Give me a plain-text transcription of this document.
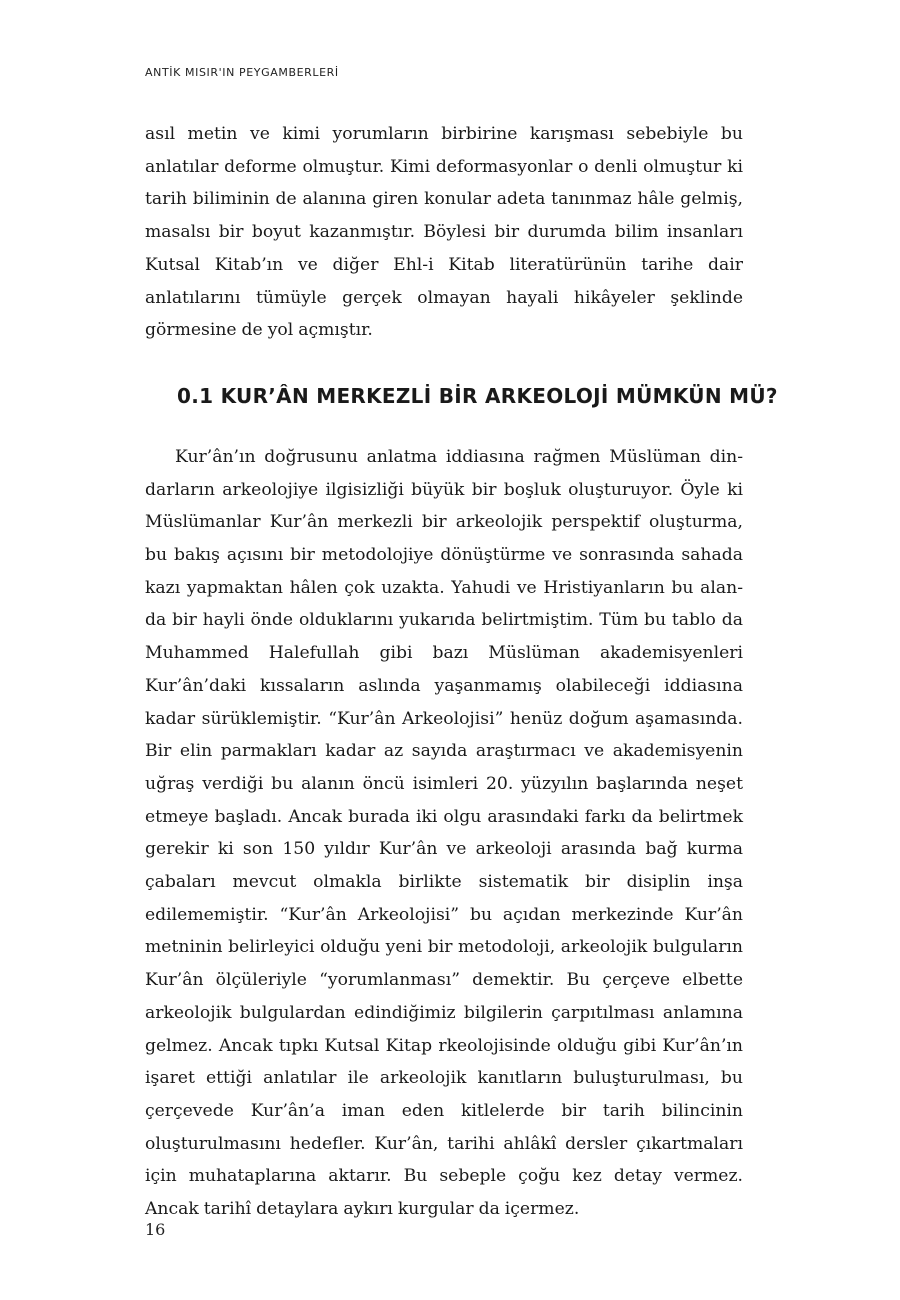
ANTİK MISIR'IN PEYGAMBERLERİ

asıl metin ve kimi yorumların birbirine karışması sebebiyle bu anlatılar deforme olmuştur. Kimi deformasyonlar o denli olmuştur ki tarih biliminin de alanına giren konular adeta tanınmaz hâle gelmiş, masalsı bir boyut kazanmıştır. Böylesi bir durumda bilim insanları Kutsal Kitab’ın ve diğer Ehl-i Kitab literatürünün tarihe dair anlatılarını tümüyle gerçek olmayan hayali hikâyeler şeklinde görmesine de yol açmıştır.

0.1 KUR’ÂN MERKEZLİ BİR ARKEOLOJİ MÜMKÜN MÜ?

Kur’ân’ın doğrusunu anlatma iddiasına rağmen Müslüman dindarların arkeolojiye ilgisizliği büyük bir boşluk oluşturuyor. Öyle ki Müslümanlar Kur’ân merkezli bir arkeolojik perspektif oluşturma, bu bakış açısını bir metodolojiye dönüştürme ve sonrasında sahada kazı yapmaktan hâlen çok uzakta. Yahudi ve Hristiyanların bu alanda bir hayli önde olduklarını yukarıda belirtmiştim. Tüm bu tablo da Muhammed Halefullah gibi bazı Müslüman akademisyenleri Kur’ân’daki kıssaların aslında yaşanmamış olabileceği iddiasına kadar sürüklemiştir. “Kur’ân Arkeolojisi” henüz doğum aşamasında. Bir elin parmakları kadar az sayıda araştırmacı ve akademisyenin uğraş verdiği bu alanın öncü isimleri 20. yüzyılın başlarında neşet etmeye başladı. Ancak burada iki olgu arasındaki farkı da belirtmek gerekir ki son 150 yıldır Kur’ân ve arkeoloji arasında bağ kurma çabaları mevcut olmakla birlikte sistematik bir disiplin inşa edilememiştir. “Kur’ân Arkeolojisi” bu açıdan merkezinde Kur’ân metninin belirleyici olduğu yeni bir metodoloji, arkeolojik bulguların Kur’ân ölçüleriyle “yorumlanması” demektir. Bu çerçeve elbette arkeolojik bulgulardan edindiğimiz bilgilerin çarpıtılması anlamına gelmez. Ancak tıpkı Kutsal Kitap rkeolojisinde olduğu gibi Kur’ân’ın işaret ettiği anlatılar ile arkeolojik kanıtların buluşturulması, bu çerçevede Kur’ân’a iman eden kitlelerde bir tarih bilincinin oluşturulmasını hedefler. Kur’ân, tarihi ahlâkî dersler çıkartmaları için muhataplarına aktarır. Bu sebeple çoğu kez detay vermez. Ancak tarihî detaylara aykırı kurgular da içermez.

16
